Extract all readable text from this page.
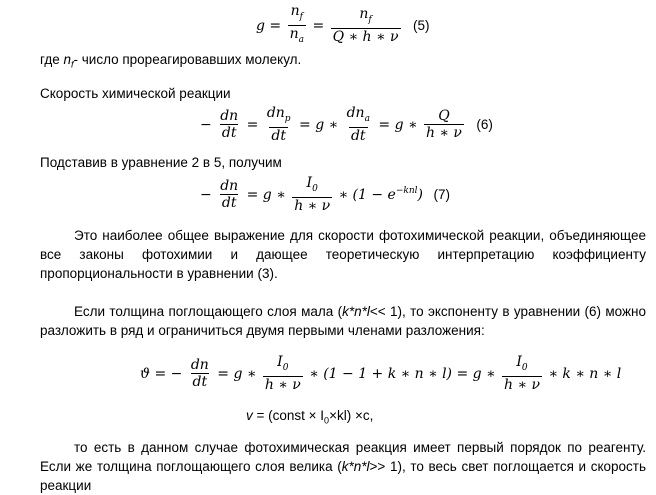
$g = \frac{n_f}{n_a} = \frac{n_f}{Q ∗ h ∗ \nu} (5)$
где $n_f-$ число прореагировавших молекул.
Скорость химической реакции
− $\frac{dn}{dt} = \frac{dn_p}{dt} = g$ ∗ $\frac{dn_a}{dt} = g$ ∗ $\frac{Q}{h ∗ \nu} (6)$
Подставив в уравнение 2 в 5, получим
− $\frac{dn}{dt} = g$ ∗ $\frac{I_0}{h ∗ \nu}$ ∗ $(1 - e^{-knl})$ (7)
Это наиболее общее выражение для скорости фотохимической реакции, объединяющее все законы фотохимии и дающее теоретическую интерпретацию коэффициенту пропорциональности в уравнении (3).
Если толщина поглощающего слоя мала (k*n*l<< 1), то экспоненту в уравнении (6) можно разложить в ряд и ограничиться двумя первыми членами разложения:
ϑ = − $\frac{dn}{dt} = g$ ∗ $\frac{I_0}{h ∗ \nu}$ ∗ (1 − 1 + k ∗ n ∗ l) = g ∗ $\frac{I_0}{h ∗ \nu}$ ∗ k ∗ n ∗ l
v = (const × $I_0\times kl) \times c$,
то есть в данном случае фотохимическая реакция имеет первый порядок по реагенту. Если же толщина поглощающего слоя велика (k*n*l>> 1), то весь свет поглощается и скорость реакции
